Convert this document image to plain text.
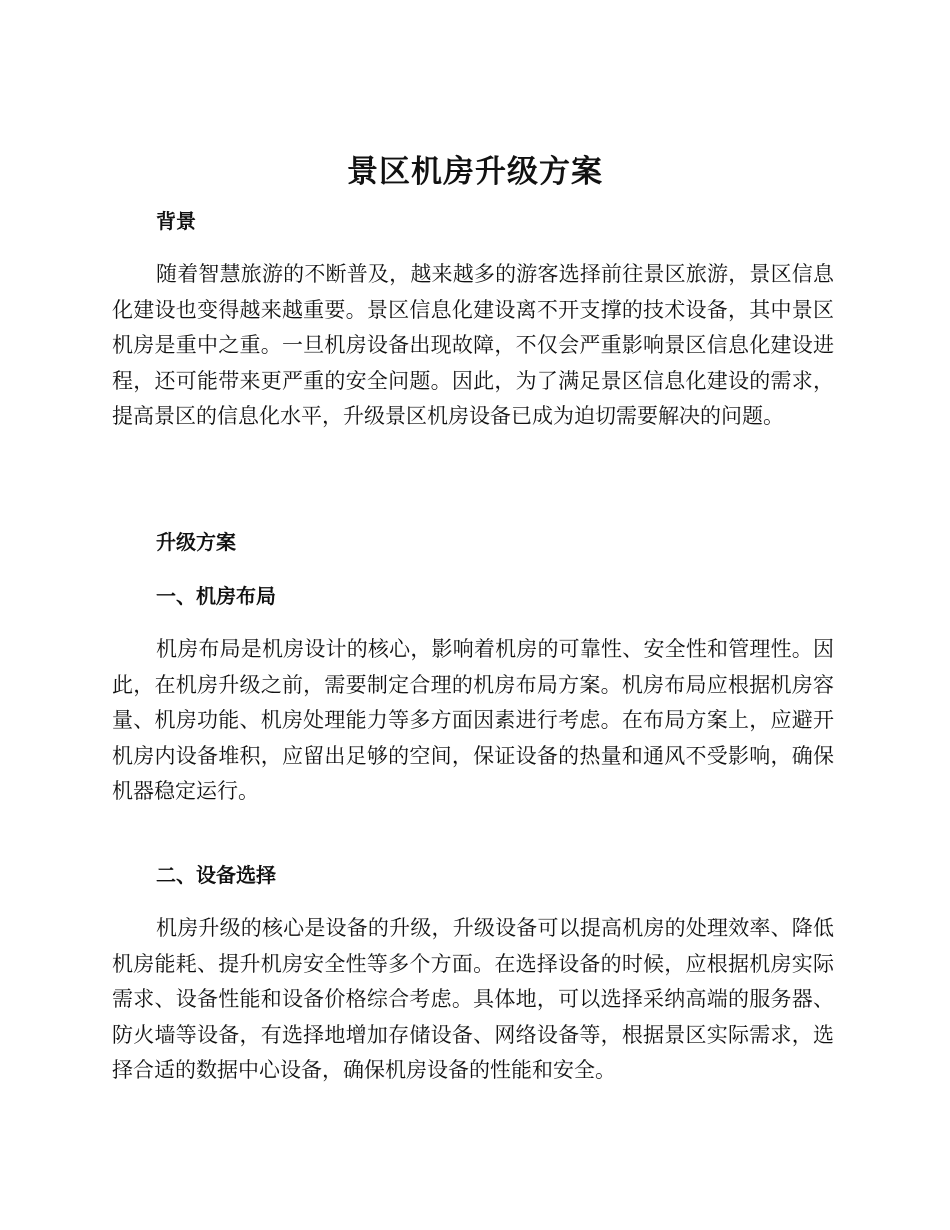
景区机房升级方案
背景

随着智慧旅游的不断普及，越来越多的游客选择前往景区旅游，景区信息化建设也变得越来越重要。景区信息化建设离不开支撑的技术设备，其中景区机房是重中之重。一旦机房设备出现故障，不仅会严重影响景区信息化建设进程，还可能带来更严重的安全问题。因此，为了满足景区信息化建设的需求，提高景区的信息化水平，升级景区机房设备已成为迫切需要解决的问题。

升级方案
一、机房布局

机房布局是机房设计的核心，影响着机房的可靠性、安全性和管理性。因此，在机房升级之前，需要制定合理的机房布局方案。机房布局应根据机房容量、机房功能、机房处理能力等多方面因素进行考虑。在布局方案上，应避开机房内设备堆积，应留出足够的空间，保证设备的热量和通风不受影响，确保机器稳定运行。

二、设备选择

机房升级的核心是设备的升级，升级设备可以提高机房的处理效率、降低机房能耗、提升机房安全性等多个方面。在选择设备的时候，应根据机房实际需求、设备性能和设备价格综合考虑。具体地，可以选择采纳高端的服务器、防火墙等设备，有选择地增加存储设备、网络设备等，根据景区实际需求，选择合适的数据中心设备，确保机房设备的性能和安全。
